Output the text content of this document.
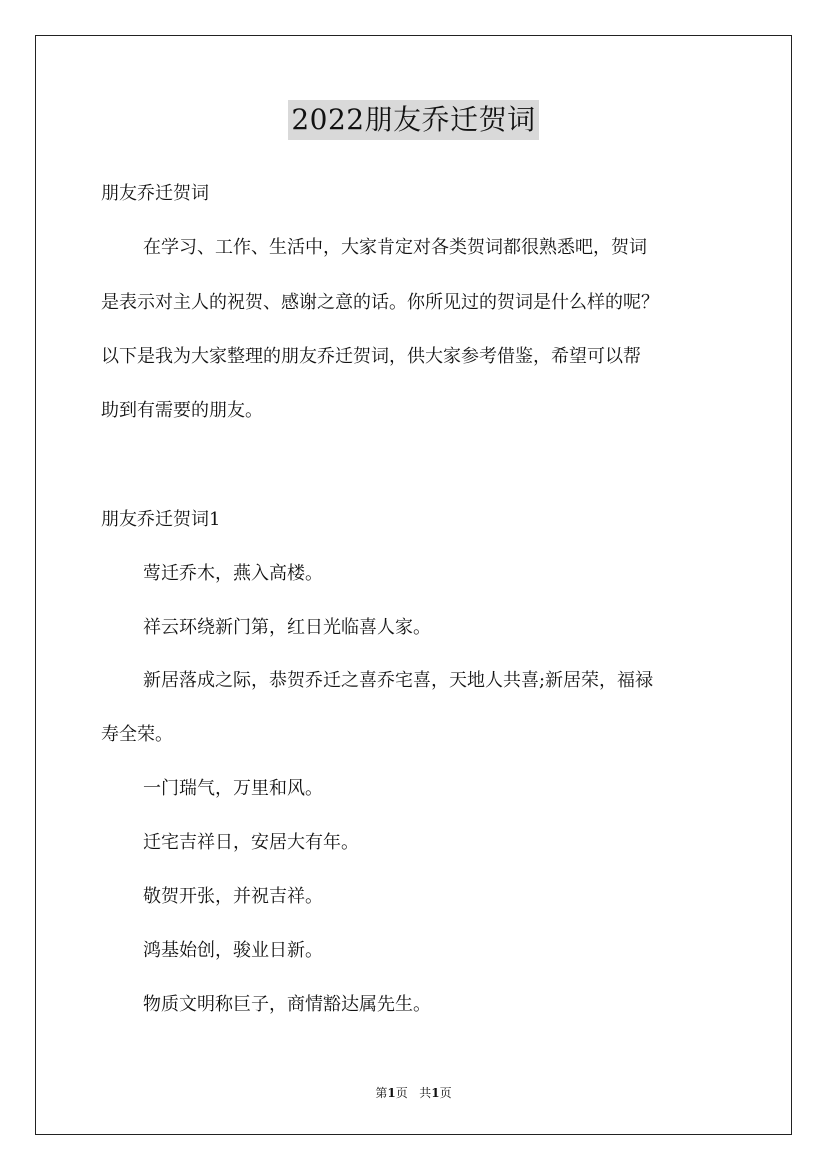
2022朋友乔迁贺词
朋友乔迁贺词
在学习、工作、生活中，大家肯定对各类贺词都很熟悉吧，贺词
是表示对主人的祝贺、感谢之意的话。你所见过的贺词是什么样的呢？
以下是我为大家整理的朋友乔迁贺词，供大家参考借鉴，希望可以帮
助到有需要的朋友。
朋友乔迁贺词1
莺迁乔木，燕入高楼。
祥云环绕新门第，红日光临喜人家。
新居落成之际，恭贺乔迁之喜乔宅喜，天地人共喜;新居荣，福禄
寿全荣。
一门瑞气，万里和风。
迁宅吉祥日，安居大有年。
敬贺开张，并祝吉祥。
鸿基始创，骏业日新。
物质文明称巨子，商情豁达属先生。
第1页 共1页
